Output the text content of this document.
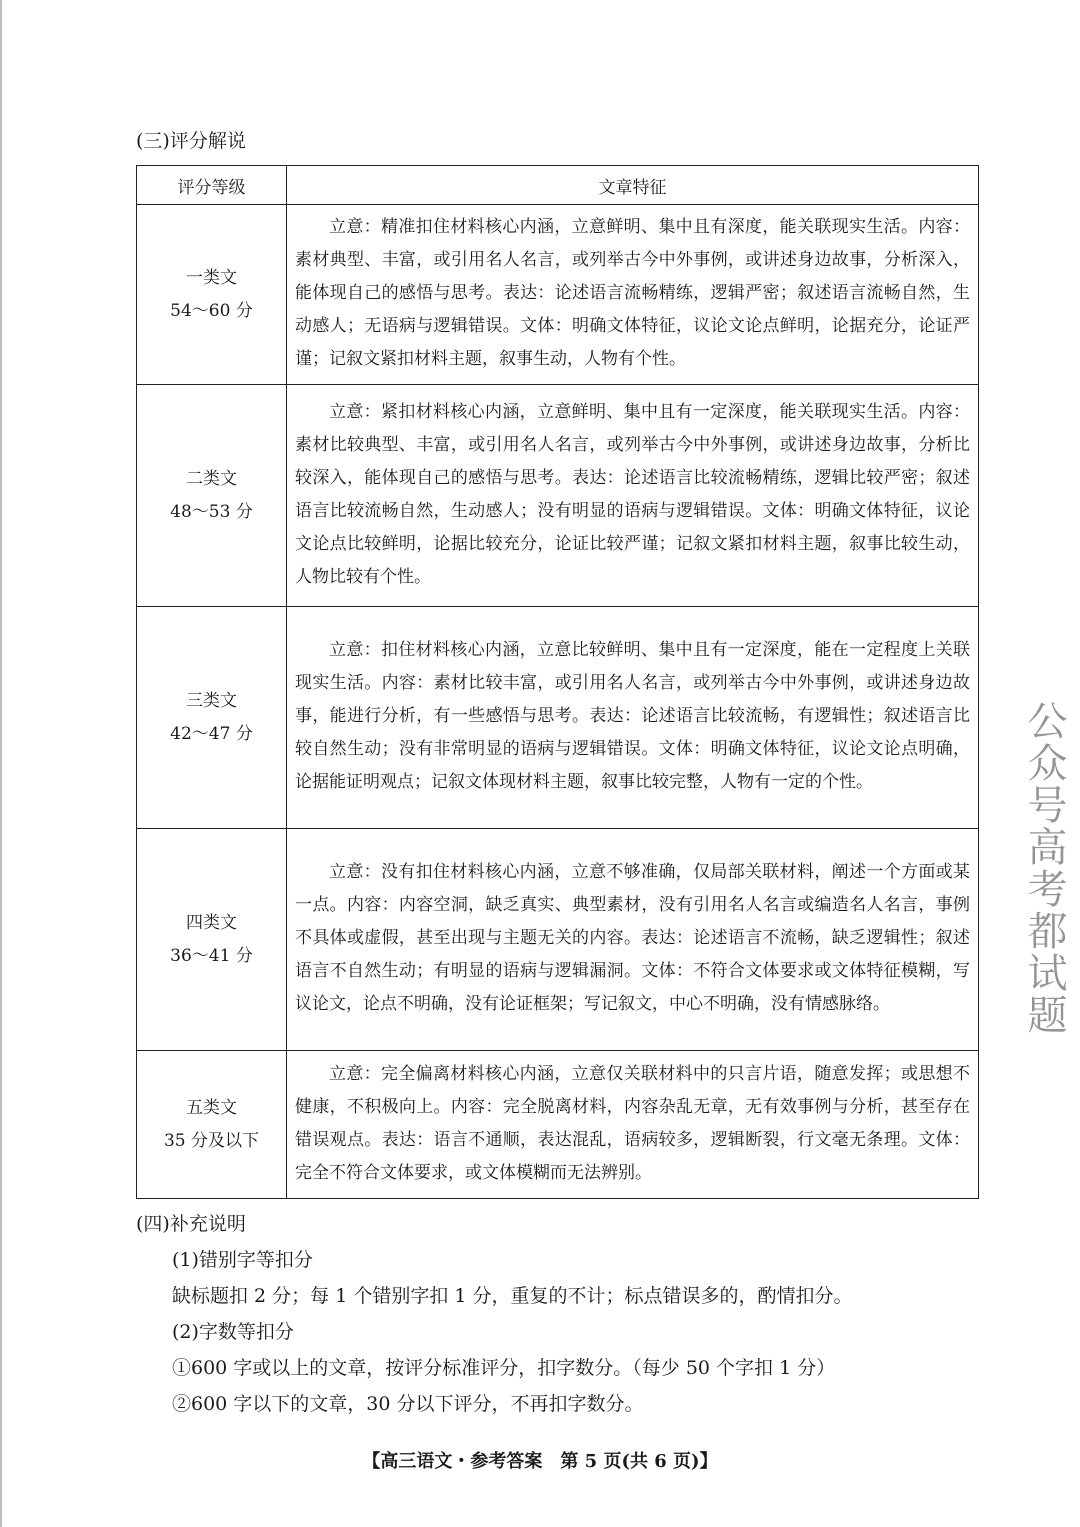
(三)评分解说
评分等级	文章特征

一类文
54～60 分	立意：精准扣住材料核心内涵，立意鲜明、集中且有深度，能关联现实生活。内容：素材典型、丰富，或引用名人名言，或列举古今中外事例，或讲述身边故事，分析深入，能体现自己的感悟与思考。表达：论述语言流畅精练，逻辑严密；叙述语言流畅自然，生动感人；无语病与逻辑错误。文体：明确文体特征，议论文论点鲜明，论据充分，论证严谨；记叙文紧扣材料主题，叙事生动，人物有个性。

二类文
48～53 分	立意：紧扣材料核心内涵，立意鲜明、集中且有一定深度，能关联现实生活。内容：素材比较典型、丰富，或引用名人名言，或列举古今中外事例，或讲述身边故事，分析比较深入，能体现自己的感悟与思考。表达：论述语言比较流畅精练，逻辑比较严密；叙述语言比较流畅自然，生动感人；没有明显的语病与逻辑错误。文体：明确文体特征，议论文论点比较鲜明，论据比较充分，论证比较严谨；记叙文紧扣材料主题，叙事比较生动，人物比较有个性。

三类文
42～47 分	立意：扣住材料核心内涵，立意比较鲜明、集中且有一定深度，能在一定程度上关联现实生活。内容：素材比较丰富，或引用名人名言，或列举古今中外事例，或讲述身边故事，能进行分析，有一些感悟与思考。表达：论述语言比较流畅，有逻辑性；叙述语言比较自然生动；没有非常明显的语病与逻辑错误。文体：明确文体特征，议论文论点明确，论据能证明观点；记叙文体现材料主题，叙事比较完整，人物有一定的个性。

四类文
36～41 分	立意：没有扣住材料核心内涵，立意不够准确，仅局部关联材料，阐述一个方面或某一点。内容：内容空洞，缺乏真实、典型素材，没有引用名人名言或编造名人名言，事例不具体或虚假，甚至出现与主题无关的内容。表达：论述语言不流畅，缺乏逻辑性；叙述语言不自然生动；有明显的语病与逻辑漏洞。文体：不符合文体要求或文体特征模糊，写议论文，论点不明确，没有论证框架；写记叙文，中心不明确，没有情感脉络。

五类文
35 分及以下	立意：完全偏离材料核心内涵，立意仅关联材料中的只言片语，随意发挥；或思想不健康，不积极向上。内容：完全脱离材料，内容杂乱无章，无有效事例与分析，甚至存在错误观点。表达：语言不通顺，表达混乱，语病较多，逻辑断裂，行文毫无条理。文体：完全不符合文体要求，或文体模糊而无法辨别。
(四)补充说明
(1)错别字等扣分
缺标题扣 2 分；每 1 个错别字扣 1 分，重复的不计；标点错误多的，酌情扣分。
(2)字数等扣分
①600 字或以上的文章，按评分标准评分，扣字数分。（每少 50 个字扣 1 分）
②600 字以下的文章，30 分以下评分，不再扣字数分。
【高三语文・参考答案　第 5 页(共 6 页)】
公众号高考都试题
